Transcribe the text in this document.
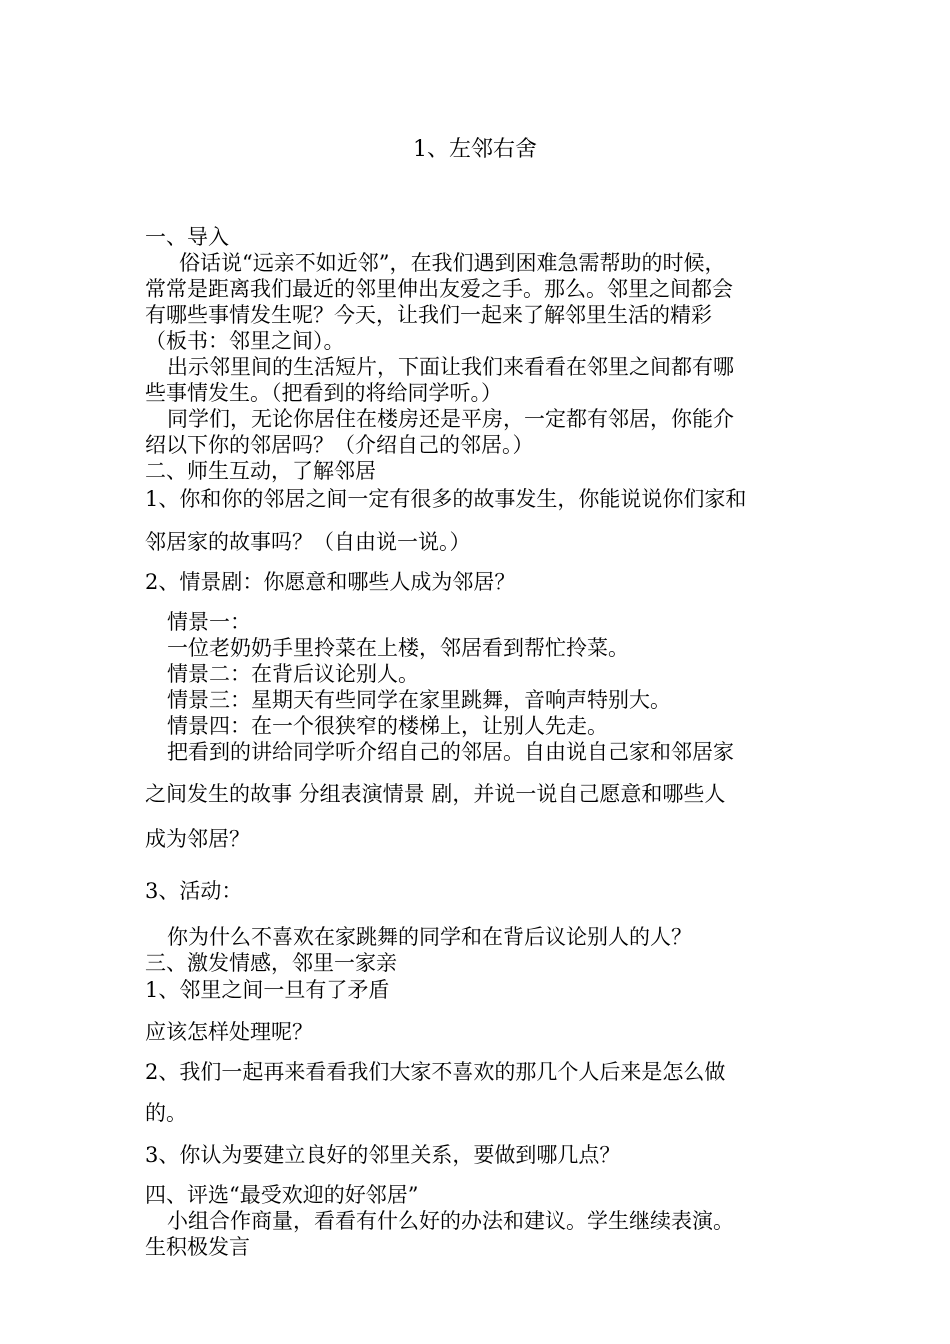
1、左邻右舍
一、导入
俗话说“远亲不如近邻”，在我们遇到困难急需帮助的时候，
常常是距离我们最近的邻里伸出友爱之手。那么。邻里之间都会
有哪些事情发生呢？今天，让我们一起来了解邻里生活的精彩
（板书：邻里之间）。
出示邻里间的生活短片，下面让我们来看看在邻里之间都有哪
些事情发生。（把看到的将给同学听。）
同学们，无论你居住在楼房还是平房，一定都有邻居，你能介
绍以下你的邻居吗？（介绍自己的邻居。）
二、师生互动，了解邻居
1、你和你的邻居之间一定有很多的故事发生，你能说说你们家和
邻居家的故事吗？（自由说一说。）
2、情景剧：你愿意和哪些人成为邻居？
情景一：
一位老奶奶手里拎菜在上楼，邻居看到帮忙拎菜。
情景二：在背后议论别人。
情景三：星期天有些同学在家里跳舞，音响声特别大。
情景四：在一个很狭窄的楼梯上，让别人先走。
把看到的讲给同学听介绍自己的邻居。自由说自己家和邻居家
之间发生的故事 分组表演情景 剧，并说一说自己愿意和哪些人
成为邻居？
3、活动：
你为什么不喜欢在家跳舞的同学和在背后议论别人的人？
三、激发情感，邻里一家亲
1、邻里之间一旦有了矛盾
应该怎样处理呢？
2、我们一起再来看看我们大家不喜欢的那几个人后来是怎么做
的。
3、你认为要建立良好的邻里关系，要做到哪几点？
四、评选“最受欢迎的好邻居”
小组合作商量，看看有什么好的办法和建议。学生继续表演。
生积极发言
